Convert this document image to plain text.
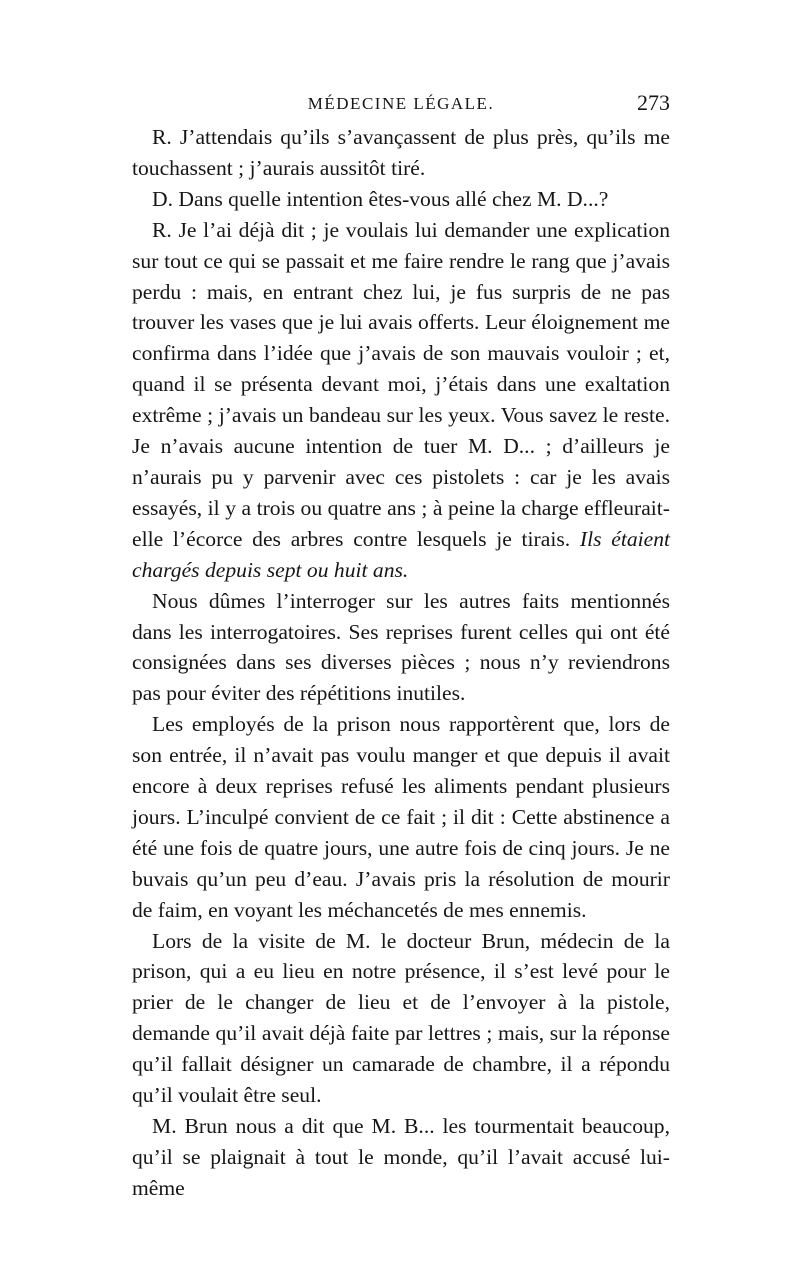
MÉDECINE LÉGALE.	273

R. J’attendais qu’ils s’avançassent de plus près, qu’ils me touchassent ; j’aurais aussitôt tiré.

D. Dans quelle intention êtes-vous allé chez M. D...?

R. Je l’ai déjà dit ; je voulais lui demander une explication sur tout ce qui se passait et me faire rendre le rang que j’avais perdu : mais, en entrant chez lui, je fus surpris de ne pas trouver les vases que je lui avais offerts. Leur éloignement me confirma dans l’idée que j’avais de son mauvais vouloir ; et, quand il se présenta devant moi, j’étais dans une exaltation extrême ; j’avais un bandeau sur les yeux. Vous savez le reste. Je n’avais aucune intention de tuer M. D... ; d’ailleurs je n’aurais pu y parvenir avec ces pistolets : car je les avais essayés, il y a trois ou quatre ans ; à peine la charge effleurait-elle l’écorce des arbres contre lesquels je tirais. Ils étaient chargés depuis sept ou huit ans.

Nous dûmes l’interroger sur les autres faits mentionnés dans les interrogatoires. Ses reprises furent celles qui ont été consignées dans ses diverses pièces ; nous n’y reviendrons pas pour éviter des répétitions inutiles.

Les employés de la prison nous rapportèrent que, lors de son entrée, il n’avait pas voulu manger et que depuis il avait encore à deux reprises refusé les aliments pendant plusieurs jours. L’inculpé convient de ce fait ; il dit : Cette abstinence a été une fois de quatre jours, une autre fois de cinq jours. Je ne buvais qu’un peu d’eau. J’avais pris la résolution de mourir de faim, en voyant les méchancetés de mes ennemis.

Lors de la visite de M. le docteur Brun, médecin de la prison, qui a eu lieu en notre présence, il s’est levé pour le prier de le changer de lieu et de l’envoyer à la pistole, demande qu’il avait déjà faite par lettres ; mais, sur la réponse qu’il fallait désigner un camarade de chambre, il a répondu qu’il voulait être seul.

M. Brun nous a dit que M. B... les tourmentait beaucoup, qu’il se plaignait à tout le monde, qu’il l’avait accusé lui-même
